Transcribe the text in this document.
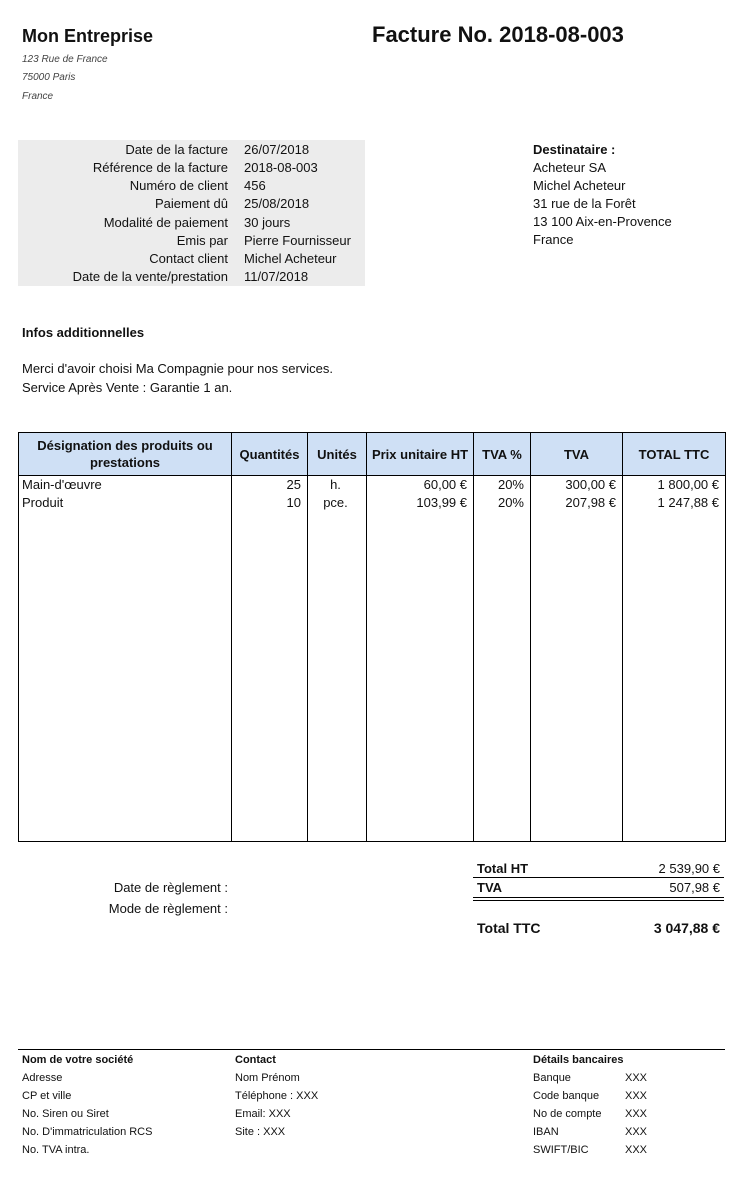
Mon Entreprise
123 Rue de France
75000 Paris
France
Facture No. 2018-08-003
Date de la facture 26/07/2018
Référence de la facture 2018-08-003
Numéro de client 456
Paiement dû 25/08/2018
Modalité de paiement 30 jours
Emis par Pierre Fournisseur
Contact client Michel Acheteur
Date de la vente/prestation 11/07/2018
Destinataire :
Acheteur SA
Michel Acheteur
31 rue de la Forêt
13 100 Aix-en-Provence
France
Infos additionnelles
Merci d'avoir choisi Ma Compagnie pour nos services.
Service Après Vente : Garantie 1 an.
Désignation des produits ou prestations	Quantités	Unités	Prix unitaire HT	TVA %	TVA	TOTAL TTC
Main-d'œuvre	25	h.	60,00 €	20%	300,00 €	1 800,00 €
Produit	10	pce.	103,99 €	20%	207,98 €	1 247,88 €

Date de règlement :
Mode de règlement :
Total HT	2 539,90 €
TVA	507,98 €
Total TTC	3 047,88 €
Nom de votre société
Adresse
CP et ville
No. Siren ou Siret
No. D'immatriculation RCS
No. TVA intra.
Contact
Nom Prénom
Téléphone : XXX
Email: XXX
Site : XXX
Détails bancaires
Banque	XXX
Code banque XXX
No de compte XXX
IBAN	XXX
SWIFT/BIC	XXX
